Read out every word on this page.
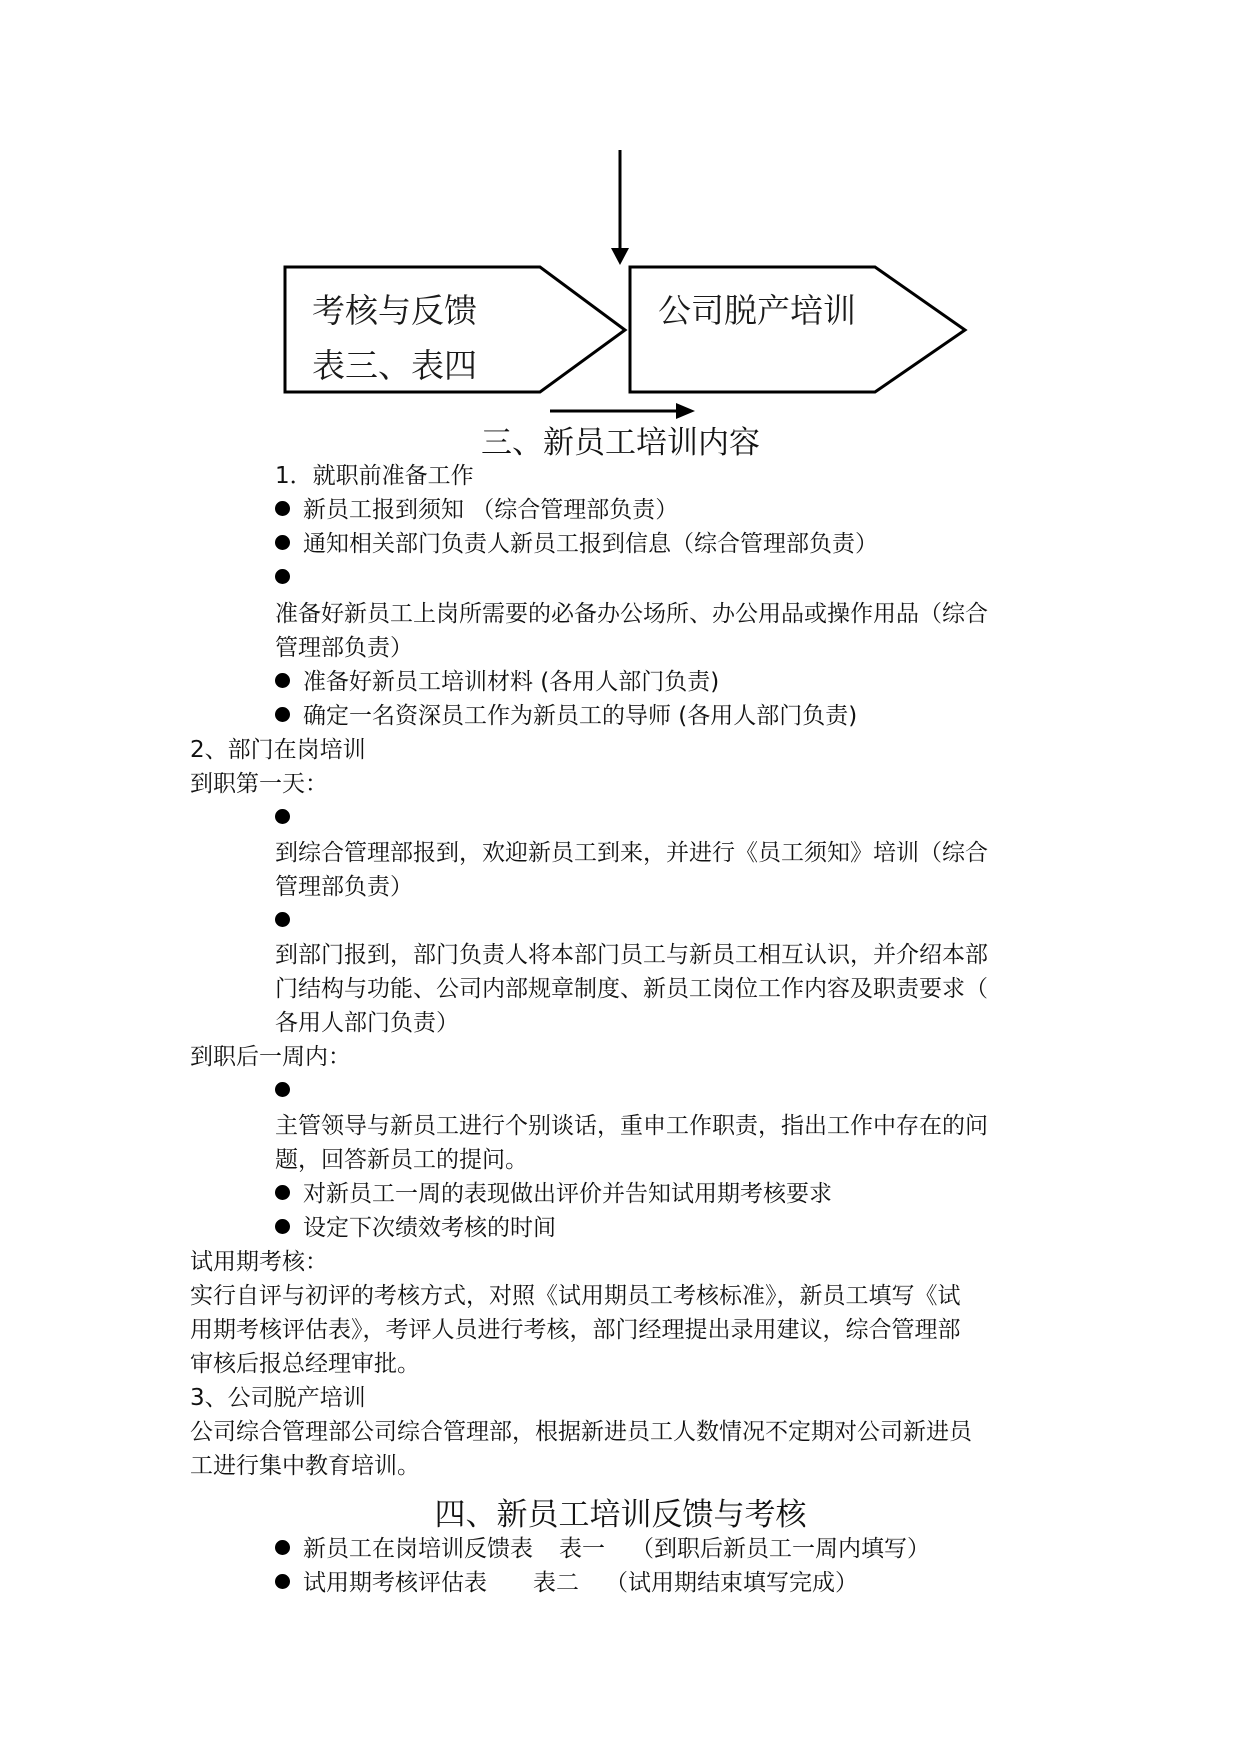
考核与反馈
表三、表四
公司脱产培训
三、新员工培训内容
1．就职前准备工作
新员工报到须知 （综合管理部负责）
通知相关部门负责人新员工报到信息（综合管理部负责）
准备好新员工上岗所需要的必备办公场所、办公用品或操作用品（综合
管理部负责）
准备好新员工培训材料 (各用人部门负责)
确定一名资深员工作为新员工的导师 (各用人部门负责)
2、部门在岗培训
到职第一天：
到综合管理部报到，欢迎新员工到来，并进行《员工须知》培训（综合
管理部负责）
到部门报到，部门负责人将本部门员工与新员工相互认识，并介绍本部
门结构与功能、公司内部规章制度、新员工岗位工作内容及职责要求（
各用人部门负责）
到职后一周内：
主管领导与新员工进行个别谈话，重申工作职责，指出工作中存在的问
题，回答新员工的提问。
对新员工一周的表现做出评价并告知试用期考核要求
设定下次绩效考核的时间
试用期考核：
实行自评与初评的考核方式，对照《试用期员工考核标准》，新员工填写《试
用期考核评估表》，考评人员进行考核，部门经理提出录用建议，综合管理部
审核后报总经理审批。
3、公司脱产培训
公司综合管理部公司综合管理部，根据新进员工人数情况不定期对公司新进员
工进行集中教育培训。
四、新员工培训反馈与考核
新员工在岗培训反馈表 表一 （到职后新员工一周内填写）
试用期考核评估表 表二 （试用期结束填写完成）
